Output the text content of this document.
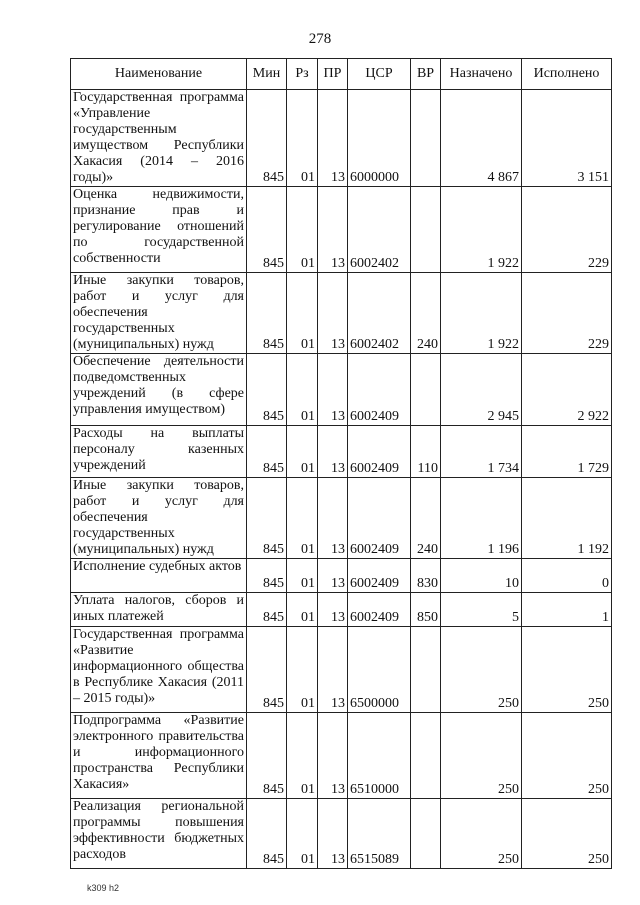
278
Наименование	Мин	Рз	ПР	ЦСР	ВР	Назначено	Исполнено
Государственная программа «Управление государственным имуществом Республики Хакасия (2014 – 2016 годы)»	845	01	13	6000000		4 867	3 151
Оценка недвижимости, признание прав и регулирование отношений по государственной собственности	845	01	13	6002402		1 922	229
Иные закупки товаров, работ и услуг для обеспечения государственных (муниципальных) нужд	845	01	13	6002402	240	1 922	229
Обеспечение деятельности подведомственных учреждений (в сфере управления имуществом)	845	01	13	6002409		2 945	2 922
Расходы на выплаты персоналу казенных учреждений	845	01	13	6002409	110	1 734	1 729
Иные закупки товаров, работ и услуг для обеспечения государственных (муниципальных) нужд	845	01	13	6002409	240	1 196	1 192
Исполнение судебных актов	845	01	13	6002409	830	10	0
Уплата налогов, сборов и иных платежей	845	01	13	6002409	850	5	1
Государственная программа «Развитие информационного общества в Республике Хакасия (2011 – 2015 годы)»	845	01	13	6500000		250	250
Подпрограмма «Развитие электронного правительства и информационного пространства Республики Хакасия»	845	01	13	6510000		250	250
Реализация региональной программы повышения эффективности бюджетных расходов	845	01	13	6515089		250	250
k309 h2
